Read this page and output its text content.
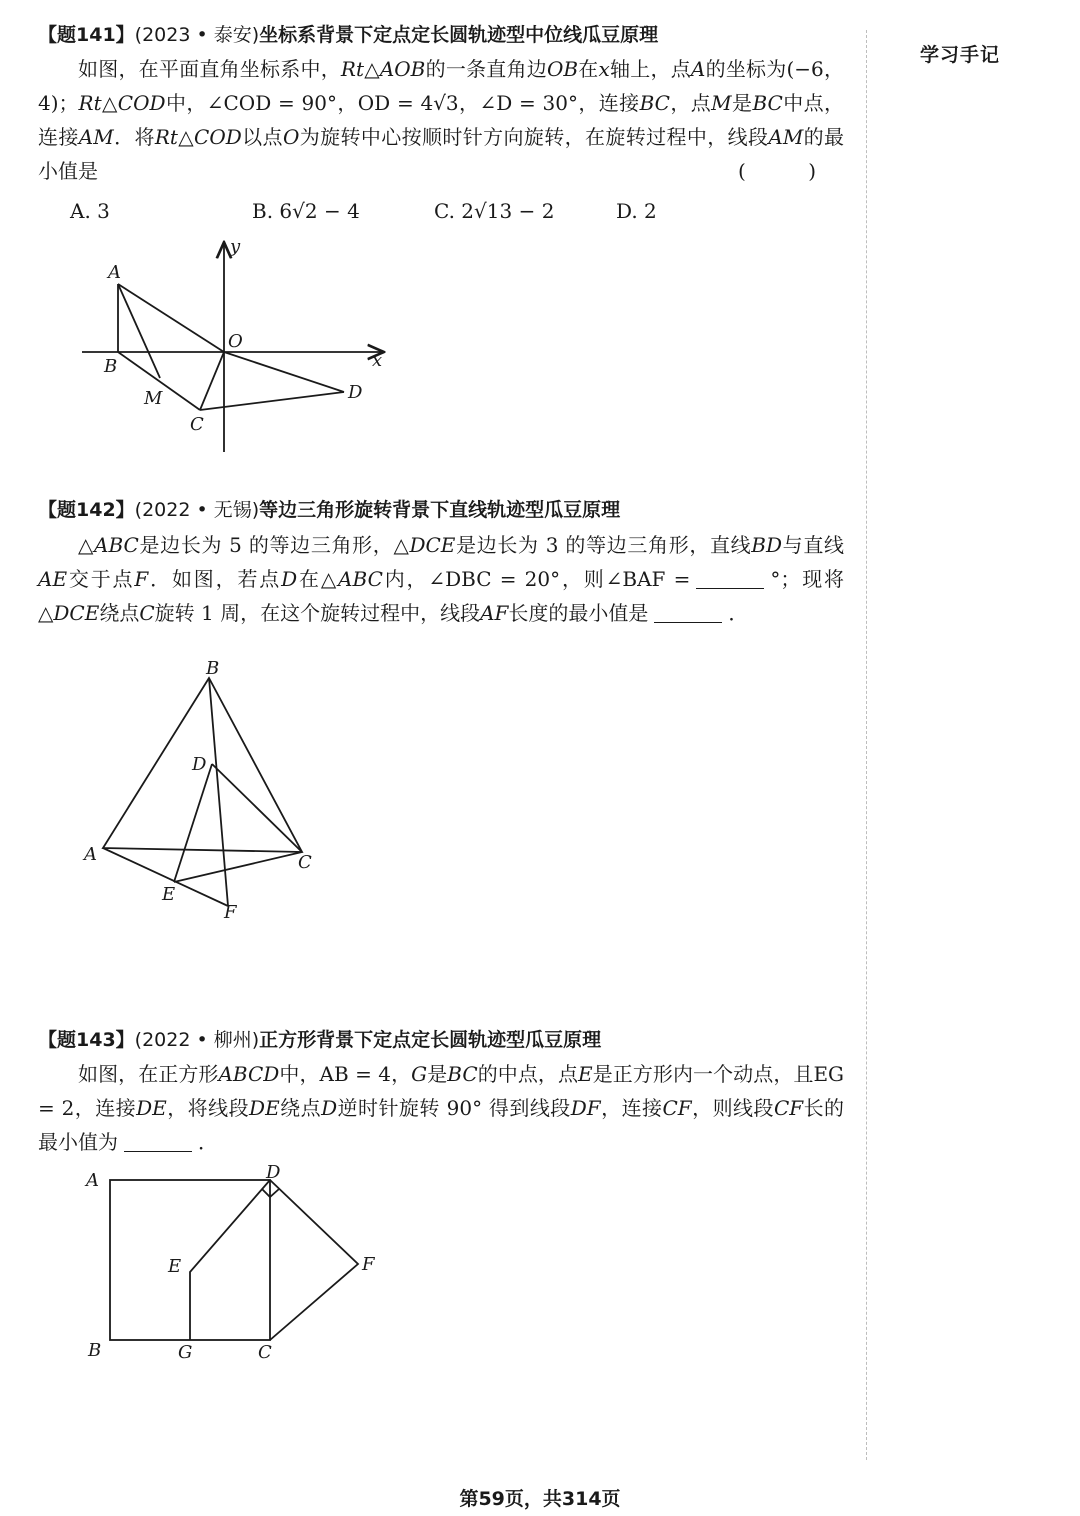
学习手记
【题141】(2023 • 泰安)坐标系背景下定点定长圆轨迹型中位线瓜豆原理
如图，在平面直角坐标系中，Rt△AOB的一条直角边OB在x轴上，点A的坐标为(−6，4)；Rt△COD中，∠COD = 90°，OD = 4√3，∠D = 30°，连接BC，点M是BC中点，连接AM．将Rt△COD以点O为旋转中心按顺时针方向旋转，在旋转过程中，线段AM的最小值是	( )
A. 3	B. 6√2 − 4	C. 2√13 − 2	D. 2
A
B
O
M
C
D
x
y
【题142】(2022 • 无锡)等边三角形旋转背景下直线轨迹型瓜豆原理
△ABC是边长为 5 的等边三角形，△DCE是边长为 3 的等边三角形，直线BD与直线AE交于点F．如图，若点D在△ABC内，∠DBC = 20°，则∠BAF =	°；现将△DCE绕点C旋转 1 周，在这个旋转过程中，线段AF长度的最小值是	．
B
D
A	C
E
F
【题143】(2022 • 柳州)正方形背景下定点定长圆轨迹型瓜豆原理
如图，在正方形ABCD中，AB = 4，G是BC的中点，点E是正方形内一个动点，且EG = 2，连接DE，将线段DE绕点D逆时针旋转 90° 得到线段DF，连接CF，则线段CF长的最小值为	．
A	D
E	F
B	G	C
第59页，共314页
